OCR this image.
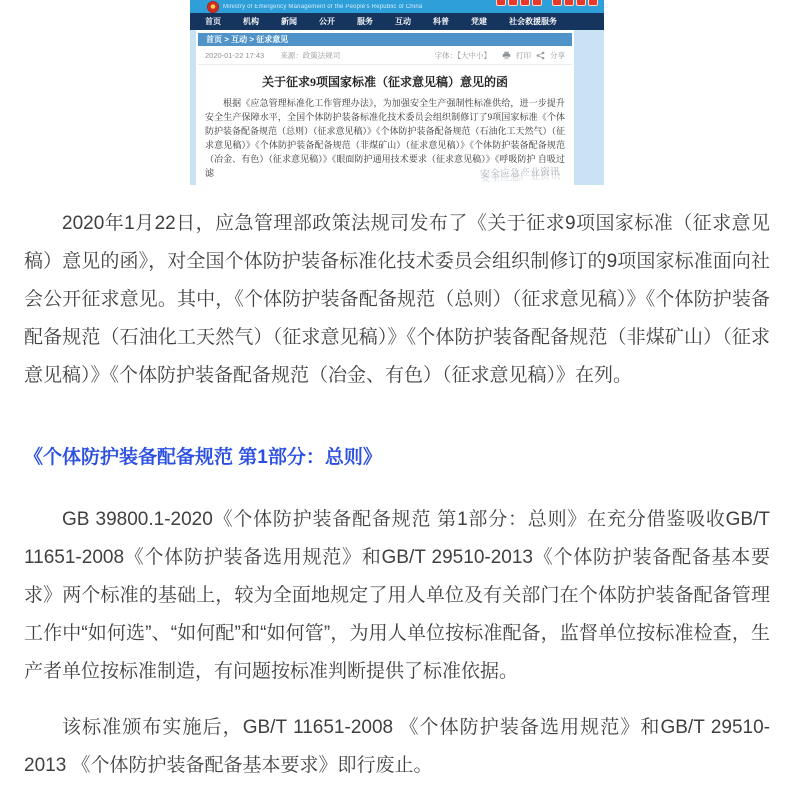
Ministry of Emergency Management of the People's Republic of China
首页	机构	新闻	公开	服务	互动	科普	党建	社会救援服务
首页 > 互动 > 征求意见
2020-01-22 17:43 来源：政策法规司	字体：【大中小】	打印	分享
关于征求9项国家标准（征求意见稿）意见的函

根据《应急管理标准化工作管理办法》，为加强安全生产强制性标准供给，进一步提升安全生产保障水平，全国个体防护装备标准化技术委员会组织制修订了9项国家标准《个体防护装备配备规范（总则）（征求意见稿）》《个体防护装备配备规范（石油化工天然气）（征求意见稿）》《个体防护装备配备规范（非煤矿山）（征求意见稿）》《个体防护装备配备规范（冶金、有色）（征求意见稿）》《眼面防护通用技术要求（征求意见稿）》《呼吸防护 自吸过滤	安全应急产业资讯

2020年1月22日，应急管理部政策法规司发布了《关于征求9项国家标准（征求意见稿）意见的函》，对全国个体防护装备标准化技术委员会组织制修订的9项国家标准面向社会公开征求意见。其中，《个体防护装备配备规范（总则）（征求意见稿）》《个体防护装备配备规范（石油化工天然气）（征求意见稿）》《个体防护装备配备规范（非煤矿山）（征求意见稿）》《个体防护装备配备规范（冶金、有色）（征求意见稿）》在列。

《个体防护装备配备规范 第1部分：总则》

GB 39800.1-2020《个体防护装备配备规范 第1部分：总则》在充分借鉴吸收GB/T 11651-2008《个体防护装备选用规范》和GB/T 29510-2013《个体防护装备配备基本要求》两个标准的基础上，较为全面地规定了用人单位及有关部门在个体防护装备配备管理工作中“如何选”、“如何配”和“如何管”，为用人单位按标准配备，监督单位按标准检查，生产者单位按标准制造，有问题按标准判断提供了标准依据。

该标准颁布实施后，GB/T 11651-2008 《个体防护装备选用规范》和GB/T 29510-2013 《个体防护装备配备基本要求》即行废止。
